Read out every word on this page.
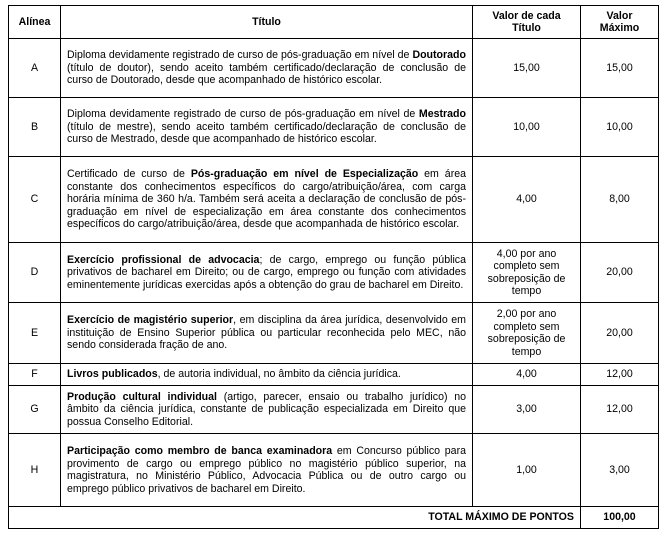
Alínea	Título	Valor de cada Título	Valor Máximo
A	Diploma devidamente registrado de curso de pós-graduação em nível de Doutorado (título de doutor), sendo aceito também certificado/declaração de conclusão de curso de Doutorado, desde que acompanhado de histórico escolar.	15,00	15,00
B	Diploma devidamente registrado de curso de pós-graduação em nível de Mestrado (título de mestre), sendo aceito também certificado/declaração de conclusão de curso de Mestrado, desde que acompanhado de histórico escolar.	10,00	10,00
C	Certificado de curso de Pós-graduação em nível de Especialização em área constante dos conhecimentos específicos do cargo/atribuição/área, com carga horária mínima de 360 h/a. Também será aceita a declaração de conclusão de pós-graduação em nível de especialização em área constante dos conhecimentos específicos do cargo/atribuição/área, desde que acompanhada de histórico escolar.	4,00	8,00
D	Exercício profissional de advocacia; de cargo, emprego ou função pública privativos de bacharel em Direito; ou de cargo, emprego ou função com atividades eminentemente jurídicas exercidas após a obtenção do grau de bacharel em Direito.	4,00 por ano completo sem sobreposição de tempo	20,00
E	Exercício de magistério superior, em disciplina da área jurídica, desenvolvido em instituição de Ensino Superior pública ou particular reconhecida pelo MEC, não sendo considerada fração de ano.	2,00 por ano completo sem sobreposição de tempo	20,00
F	Livros publicados, de autoria individual, no âmbito da ciência jurídica.	4,00	12,00
G	Produção cultural individual (artigo, parecer, ensaio ou trabalho jurídico) no âmbito da ciência jurídica, constante de publicação especializada em Direito que possua Conselho Editorial.	3,00	12,00
H	Participação como membro de banca examinadora em Concurso público para provimento de cargo ou emprego público no magistério público superior, na magistratura, no Ministério Público, Advocacia Pública ou de outro cargo ou emprego público privativos de bacharel em Direito.	1,00	3,00
TOTAL MÁXIMO DE PONTOS			100,00
